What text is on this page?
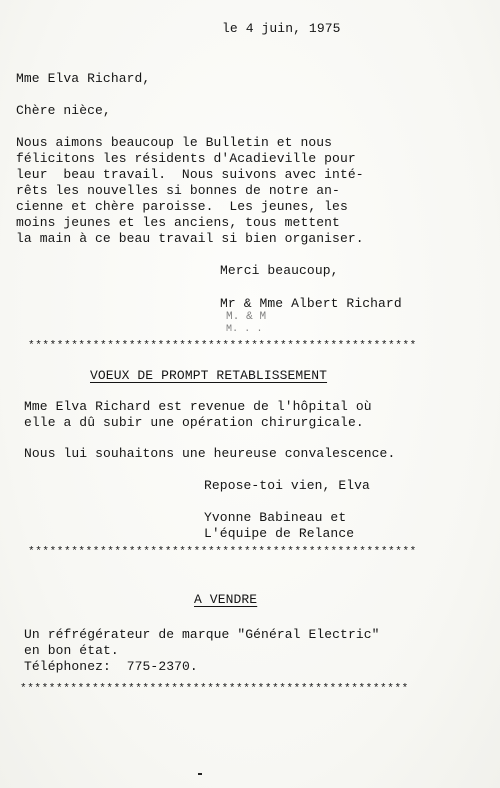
le 4 juin, 1975
Mme Elva Richard,
Chère nièce,
Nous aimons beaucoup le Bulletin et nous
félicitons les résidents d'Acadieville pour
leur  beau travail.  Nous suivons avec inté-
rêts les nouvelles si bonnes de notre an-
cienne et chère paroisse.  Les jeunes, les
moins jeunes et les anciens, tous mettent
la main à ce beau travail si bien organiser.
Merci beaucoup,
Mr & Mme Albert Richard
M. & M
M. . .
******************************************************
VOEUX DE PROMPT RETABLISSEMENT
Mme Elva Richard est revenue de l'hôpital où
elle a dû subir une opération chirurgicale.
Nous lui souhaitons une heureuse convalescence.
Repose-toi vien, Elva
Yvonne Babineau et
L'équipe de Relance
******************************************************
A VENDRE
Un réfrégérateur de marque "Général Electric"
en bon état.
Téléphonez:  775-2370.
******************************************************
